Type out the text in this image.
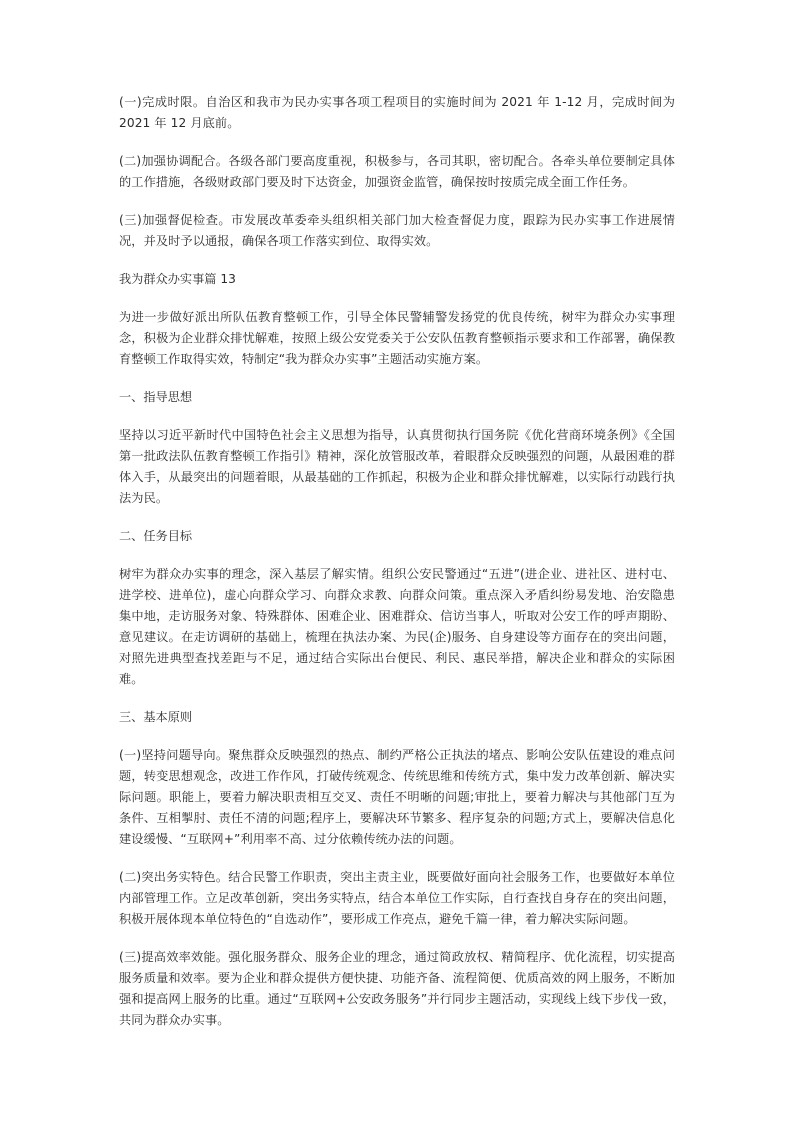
(一)完成时限。自治区和我市为民办实事各项工程项目的实施时间为 2021 年 1-12 月，完成时间为 2021 年 12 月底前。

(二)加强协调配合。各级各部门要高度重视，积极参与，各司其职，密切配合。各牵头单位要制定具体的工作措施，各级财政部门要及时下达资金，加强资金监管，确保按时按质完成全面工作任务。

(三)加强督促检查。市发展改革委牵头组织相关部门加大检查督促力度，跟踪为民办实事工作进展情况，并及时予以通报，确保各项工作落实到位、取得实效。

我为群众办实事篇 13

为进一步做好派出所队伍教育整顿工作，引导全体民警辅警发扬党的优良传统，树牢为群众办实事理念，积极为企业群众排忧解难，按照上级公安党委关于公安队伍教育整顿指示要求和工作部署，确保教育整顿工作取得实效，特制定“我为群众办实事”主题活动实施方案。

一、指导思想

坚持以习近平新时代中国特色社会主义思想为指导，认真贯彻执行国务院《优化营商环境条例》《全国第一批政法队伍教育整顿工作指引》精神，深化放管服改革，着眼群众反映强烈的问题，从最困难的群体入手，从最突出的问题着眼，从最基础的工作抓起，积极为企业和群众排忧解难，以实际行动践行执法为民。

二、任务目标

树牢为群众办实事的理念，深入基层了解实情。组织公安民警通过“五进”(进企业、进社区、进村屯、进学校、进单位)，虚心向群众学习、向群众求教、向群众问策。重点深入矛盾纠纷易发地、治安隐患集中地，走访服务对象、特殊群体、困难企业、困难群众、信访当事人，听取对公安工作的呼声期盼、意见建议。在走访调研的基础上，梳理在执法办案、为民(企)服务、自身建设等方面存在的突出问题，对照先进典型查找差距与不足，通过结合实际出台便民、利民、惠民举措，解决企业和群众的实际困难。

三、基本原则

(一)坚持问题导向。聚焦群众反映强烈的热点、制约严格公正执法的堵点、影响公安队伍建设的难点问题，转变思想观念，改进工作作风，打破传统观念、传统思维和传统方式，集中发力改革创新、解决实际问题。职能上，要着力解决职责相互交叉、责任不明晰的问题;审批上，要着力解决与其他部门互为条件、互相掣肘、责任不清的问题;程序上，要解决环节繁多、程序复杂的问题;方式上，要解决信息化建设缓慢、“互联网+”利用率不高、过分依赖传统办法的问题。

(二)突出务实特色。结合民警工作职责，突出主责主业，既要做好面向社会服务工作，也要做好本单位内部管理工作。立足改革创新，突出务实特点，结合本单位工作实际，自行查找自身存在的突出问题，积极开展体现本单位特色的“自选动作”，要形成工作亮点，避免千篇一律，着力解决实际问题。

(三)提高效率效能。强化服务群众、服务企业的理念，通过简政放权、精简程序、优化流程，切实提高服务质量和效率。要为企业和群众提供方便快捷、功能齐备、流程简便、优质高效的网上服务，不断加强和提高网上服务的比重。通过“互联网+公安政务服务”并行同步主题活动，实现线上线下步伐一致，共同为群众办实事。
